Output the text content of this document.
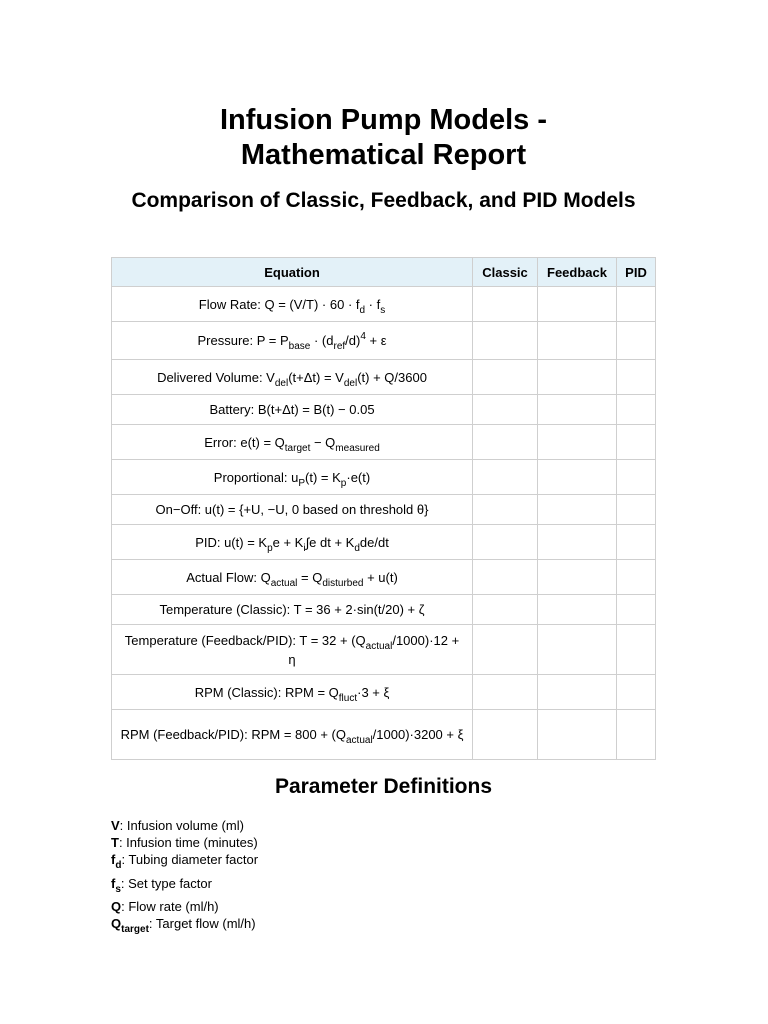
Infusion Pump Models -
Mathematical Report
Comparison of Classic, Feedback, and PID Models
Equation	Classic	Feedback	PID
Flow Rate: $Q = (V/T) \cdot 60 \cdot f_d \cdot f_s$			
Pressure: $P = P_{base} \cdot (d_{ref}/d)^4 + \varepsilon$			
Delivered Volume: $V_{del}(t+\Delta t) = V_{del}(t) + Q/3600$			
Battery: B(t+Δt) = B(t) − 0.05			
Error: $e(t) = Q_{target} - Q_{measured}$			
Proportional: $u_P(t) = K_p\cdot e(t)$			
On−Off: u(t) = {+U, −U, 0 based on threshold θ}			
PID: $u(t) = K_pe + K_i\int e$ dt + $K_dde/dt$			
Actual Flow: $Q_{actual} = Q_{disturbed} + u(t)$			
Temperature (Classic): T = 36 + 2·sin(t/20) + ζ			
Temperature (Feedback/PID): $T = 32 + (Q_{actual}/1000)\cdot 12 + \eta$			
RPM (Classic): RPM = $Q_{fluct}\cdot 3 + \xi$			
RPM (Feedback/PID): RPM = $800 + (Q_{actual}/1000)\cdot 3200 + \xi$			
Parameter Definitions
V: Infusion volume (ml)
T: Infusion time (minutes)
$f_d$: Tubing diameter factor
$f_s$: Set type factor
Q: Flow rate (ml/h)
$Q_{target}$: Target flow (ml/h)
